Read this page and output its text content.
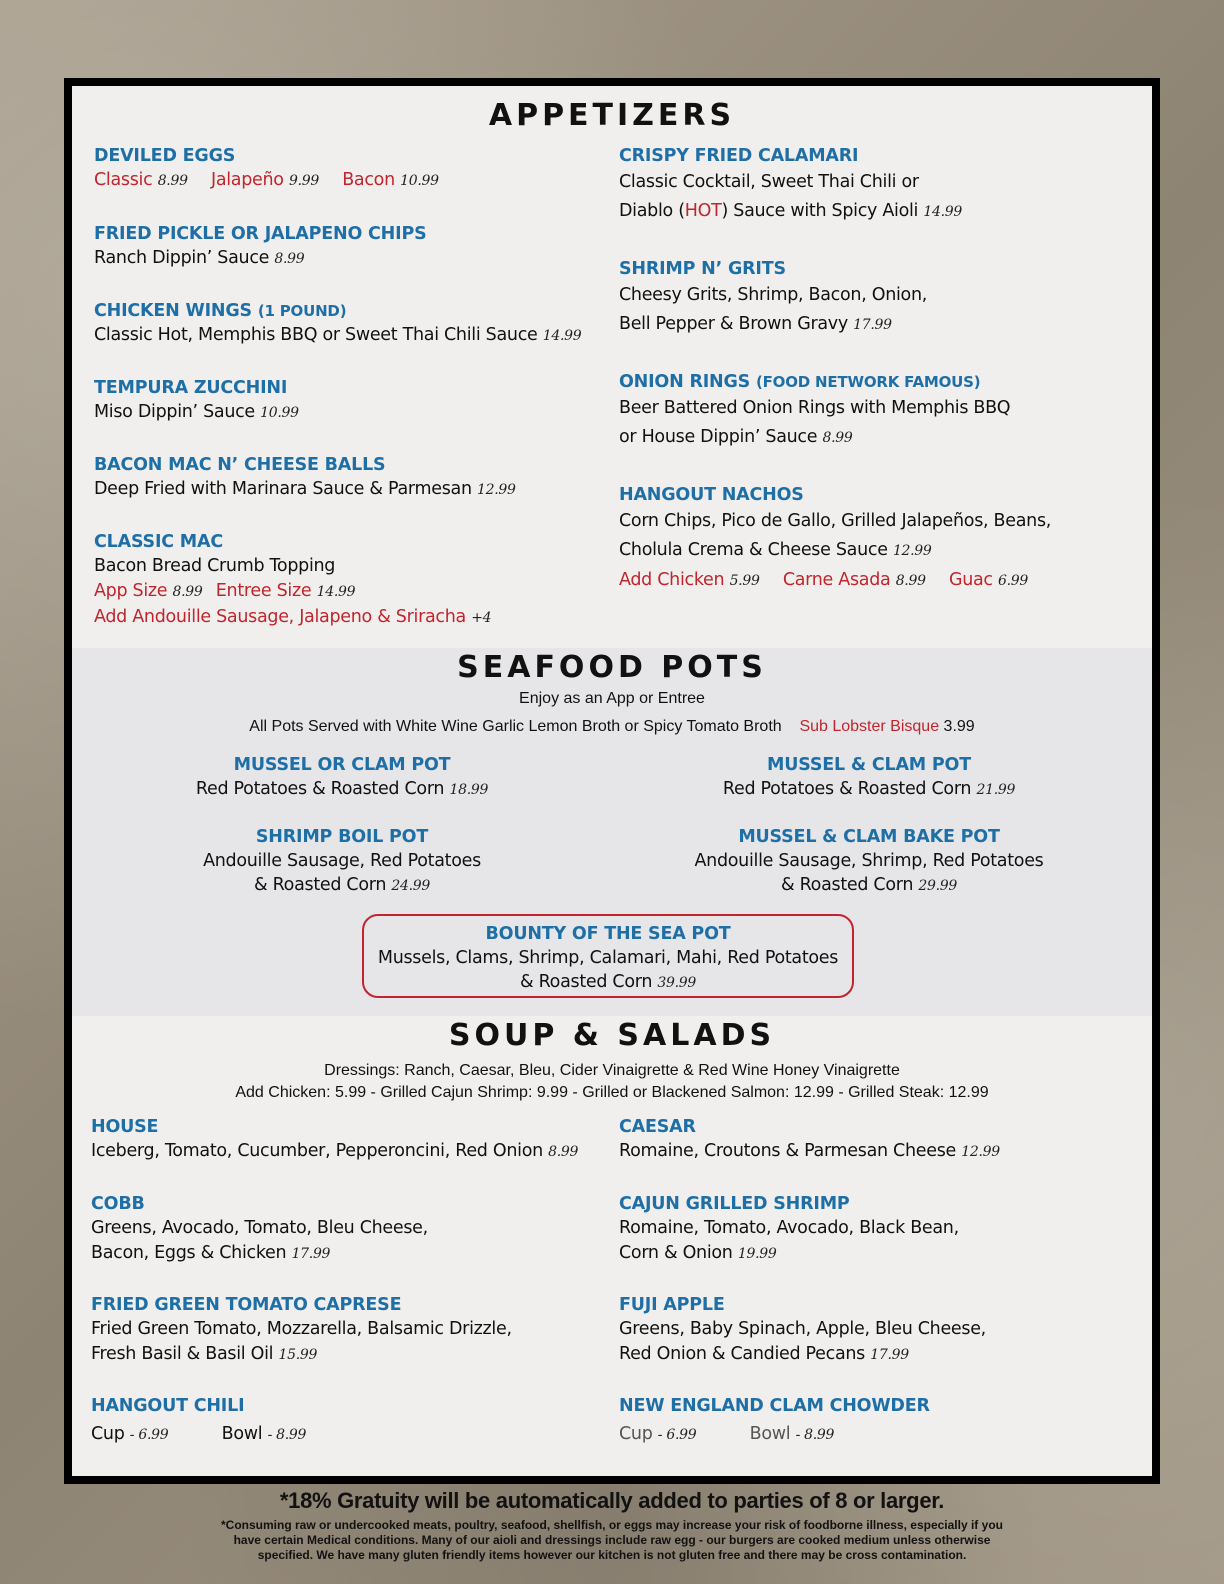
APPETIZERS
DEVILED EGGS
Classic 8.99 Jalapeño 9.99 Bacon 10.99
FRIED PICKLE OR JALAPENO CHIPS
Ranch Dippin’ Sauce 8.99
CHICKEN WINGS (1 POUND)
Classic Hot, Memphis BBQ or Sweet Thai Chili Sauce 14.99
TEMPURA ZUCCHINI
Miso Dippin’ Sauce 10.99
BACON MAC N’ CHEESE BALLS
Deep Fried with Marinara Sauce & Parmesan 12.99
CLASSIC MAC
Bacon Bread Crumb Topping
App Size 8.99 Entree Size 14.99
Add Andouille Sausage, Jalapeno & Sriracha +4
CRISPY FRIED CALAMARI
Classic Cocktail, Sweet Thai Chili or
Diablo (HOT) Sauce with Spicy Aioli 14.99
SHRIMP N’ GRITS
Cheesy Grits, Shrimp, Bacon, Onion,
Bell Pepper & Brown Gravy 17.99
ONION RINGS (FOOD NETWORK FAMOUS)
Beer Battered Onion Rings with Memphis BBQ
or House Dippin’ Sauce 8.99
HANGOUT NACHOS
Corn Chips, Pico de Gallo, Grilled Jalapeños, Beans,
Cholula Crema & Cheese Sauce 12.99
Add Chicken 5.99 Carne Asada 8.99 Guac 6.99
SEAFOOD POTS
Enjoy as an App or Entree
All Pots Served with White Wine Garlic Lemon Broth or Spicy Tomato Broth Sub Lobster Bisque 3.99
MUSSEL OR CLAM POT
Red Potatoes & Roasted Corn 18.99
MUSSEL & CLAM POT
Red Potatoes & Roasted Corn 21.99
SHRIMP BOIL POT
Andouille Sausage, Red Potatoes
& Roasted Corn 24.99
MUSSEL & CLAM BAKE POT
Andouille Sausage, Shrimp, Red Potatoes
& Roasted Corn 29.99
BOUNTY OF THE SEA POT
Mussels, Clams, Shrimp, Calamari, Mahi, Red Potatoes
& Roasted Corn 39.99
SOUP & SALADS
Dressings: Ranch, Caesar, Bleu, Cider Vinaigrette & Red Wine Honey Vinaigrette
Add Chicken: 5.99 - Grilled Cajun Shrimp: 9.99 - Grilled or Blackened Salmon: 12.99 - Grilled Steak: 12.99
HOUSE
Iceberg, Tomato, Cucumber, Pepperoncini, Red Onion 8.99
CAESAR
Romaine, Croutons & Parmesan Cheese 12.99
COBB
Greens, Avocado, Tomato, Bleu Cheese,
Bacon, Eggs & Chicken 17.99
CAJUN GRILLED SHRIMP
Romaine, Tomato, Avocado, Black Bean,
Corn & Onion 19.99
FRIED GREEN TOMATO CAPRESE
Fried Green Tomato, Mozzarella, Balsamic Drizzle,
Fresh Basil & Basil Oil 15.99
FUJI APPLE
Greens, Baby Spinach, Apple, Bleu Cheese,
Red Onion & Candied Pecans 17.99
HANGOUT CHILI
Cup - 6.99	Bowl - 8.99
NEW ENGLAND CLAM CHOWDER
Cup - 6.99	Bowl - 8.99
*18% Gratuity will be automatically added to parties of 8 or larger.
*Consuming raw or undercooked meats, poultry, seafood, shellfish, or eggs may increase your risk of foodborne illness, especially if you have certain Medical conditions. Many of our aioli and dressings include raw egg - our burgers are cooked medium unless otherwise specified. We have many gluten friendly items however our kitchen is not gluten free and there may be cross contamination.
